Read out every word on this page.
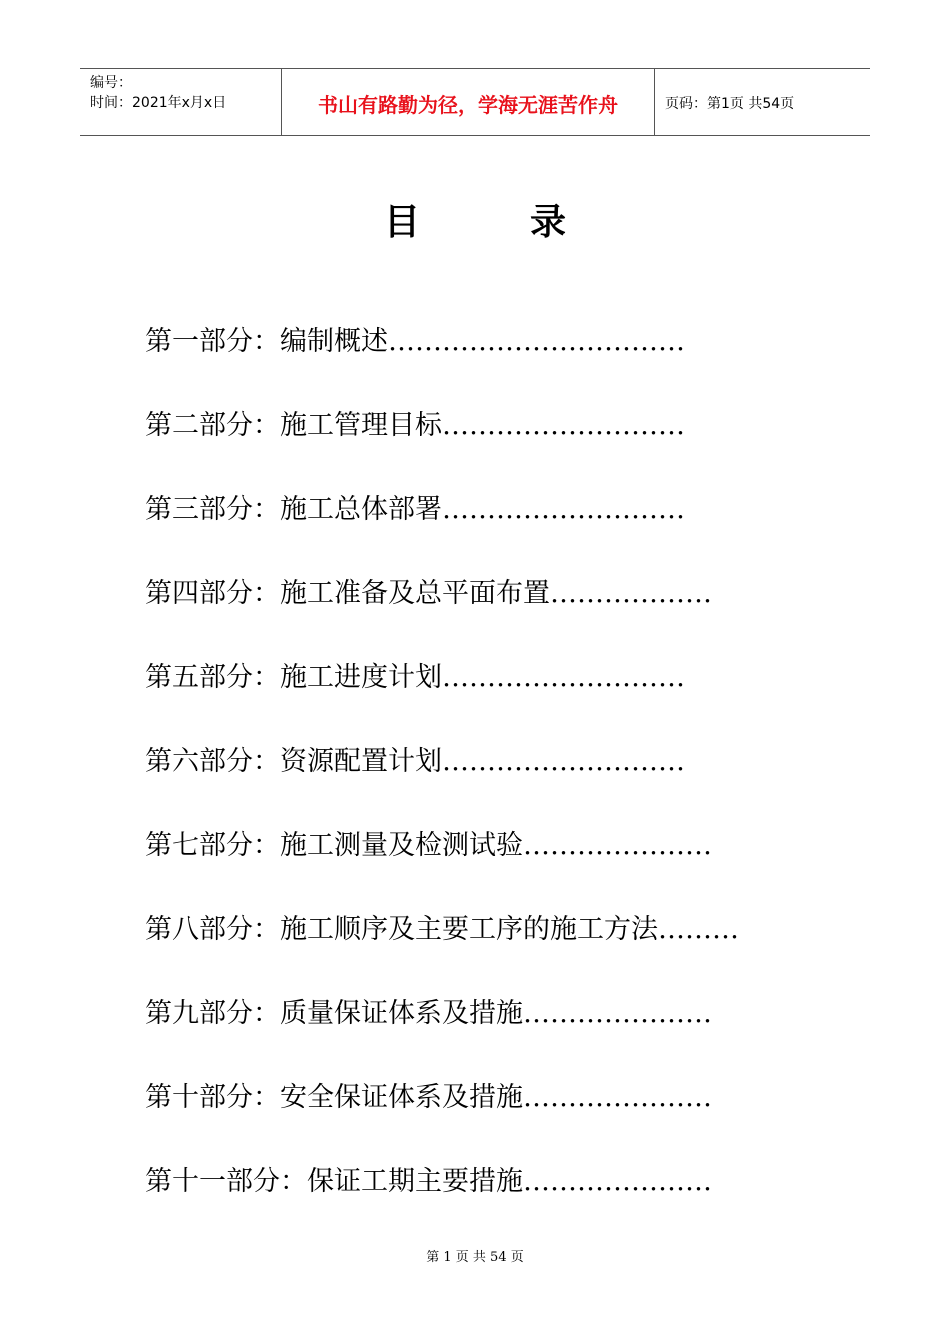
编号：
时间：2021年x月x日	书山有路勤为径，学海无涯苦作舟	页码：第1页 共54页
目	录
第一部分：编制概述……………………………
第二部分：施工管理目标………………………
第三部分：施工总体部署………………………
第四部分：施工准备及总平面布置………………
第五部分：施工进度计划………………………
第六部分：资源配置计划………………………
第七部分：施工测量及检测试验…………………
第八部分：施工顺序及主要工序的施工方法………
第九部分：质量保证体系及措施…………………
第十部分：安全保证体系及措施…………………
第十一部分：保证工期主要措施…………………
第 1 页 共 54 页
